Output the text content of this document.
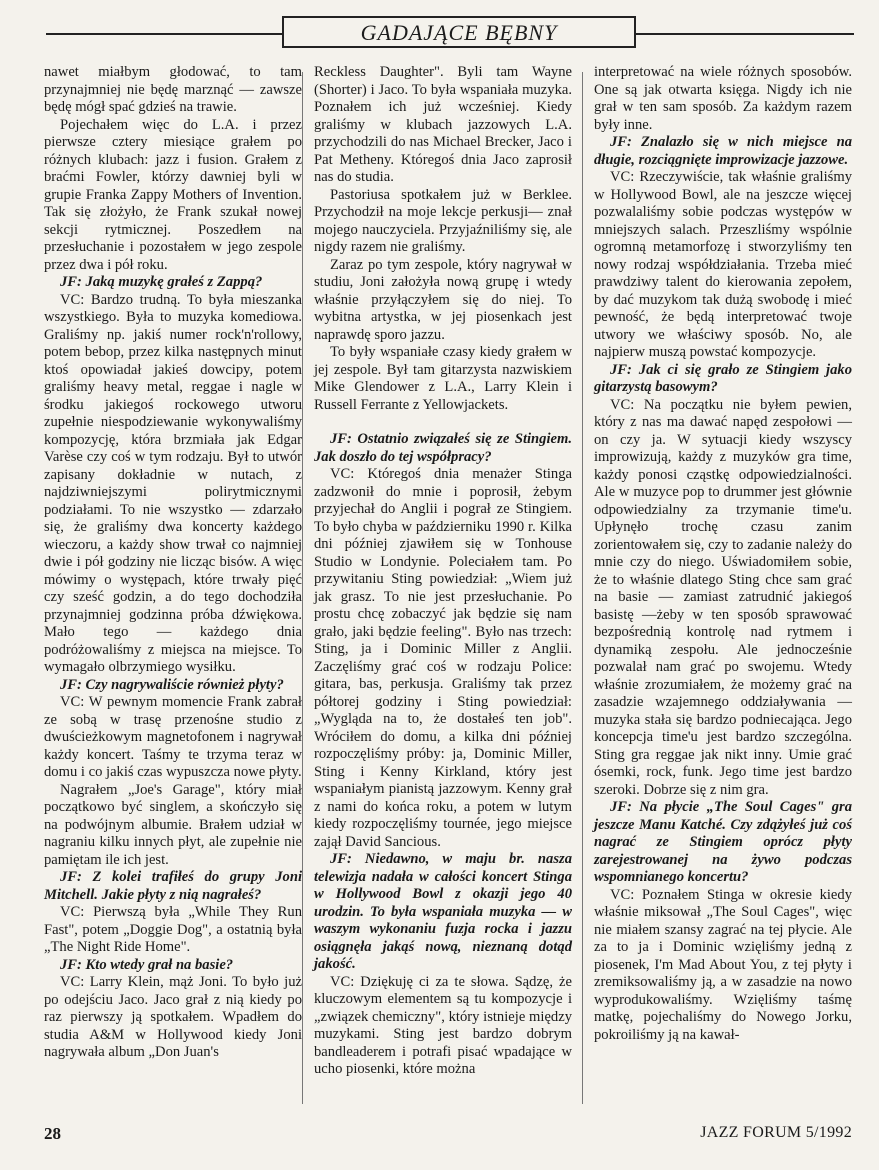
GADAJĄCE BĘBNY

nawet miałbym głodować, to tam przynajmniej nie będę marznąć — zawsze będę mógł spać gdzieś na trawie.

Pojechałem więc do L.A. i przez pierwsze cztery miesiące grałem po różnych klubach: jazz i fusion. Grałem z braćmi Fowler, którzy dawniej byli w grupie Franka Zappy Mothers of Invention. Tak się złożyło, że Frank szukał nowej sekcji rytmicznej. Poszedłem na przesłuchanie i pozostałem w jego zespole przez dwa i pół roku.

JF: Jaką muzykę grałeś z Zappą?

VC: Bardzo trudną. To była mieszanka wszystkiego. Była to muzyka komediowa. Graliśmy np. jakiś numer rock'n'rollowy, potem bebop, przez kilka następnych minut ktoś opowiadał jakieś dowcipy, potem graliśmy heavy metal, reggae i nagle w środku jakiegoś rockowego utworu zupełnie niespodziewanie wykonywaliśmy kompozycję, która brzmiała jak Edgar Varèse czy coś w tym rodzaju. Był to utwór zapisany dokładnie w nutach, z najdziwniejszymi polirytmicznymi podziałami. To nie wszystko — zdarzało się, że graliśmy dwa koncerty każdego wieczoru, a każdy show trwał co najmniej dwie i pół godziny nie licząc bisów. A więc mówimy o występach, które trwały pięć czy sześć godzin, a do tego dochodziła przynajmniej godzinna próba dźwiękowa. Mało tego — każdego dnia podróżowaliśmy z miejsca na miejsce. To wymagało olbrzymiego wysiłku.

JF: Czy nagrywaliście również płyty?

VC: W pewnym momencie Frank zabrał ze sobą w trasę przenośne studio z dwuścieżkowym magnetofonem i nagrywał każdy koncert. Taśmy te trzyma teraz w domu i co jakiś czas wypuszcza nowe płyty.

Nagrałem „Joe's Garage", który miał początkowo być singlem, a skończyło się na podwójnym albumie. Brałem udział w nagraniu kilku innych płyt, ale zupełnie nie pamiętam ile ich jest.

JF: Z kolei trafiłeś do grupy Joni Mitchell. Jakie płyty z nią nagrałeś?

VC: Pierwszą była „While They Run Fast", potem „Doggie Dog", a ostatnią była „The Night Ride Home".

JF: Kto wtedy grał na basie?

VC: Larry Klein, mąż Joni. To było już po odejściu Jaco. Jaco grał z nią kiedy po raz pierwszy ją spotkałem. Wpadłem do studia A&M w Hollywood kiedy Joni nagrywała album „Don Juan's

Reckless Daughter". Byli tam Wayne (Shorter) i Jaco. To była wspaniała muzyka. Poznałem ich już wcześniej. Kiedy graliśmy w klubach jazzowych L.A. przychodzili do nas Michael Brecker, Jaco i Pat Metheny. Któregoś dnia Jaco zaprosił nas do studia.

Pastoriusa spotkałem już w Berklee. Przychodził na moje lekcje perkusji— znał mojego nauczyciela. Przyjaźniliśmy się, ale nigdy razem nie graliśmy.

Zaraz po tym zespole, który nagrywał w studiu, Joni założyła nową grupę i wtedy właśnie przyłączyłem się do niej. To wybitna artystka, w jej piosenkach jest naprawdę sporo jazzu.

To były wspaniałe czasy kiedy grałem w jej zespole. Był tam gitarzysta nazwiskiem Mike Glendower z L.A., Larry Klein i Russell Ferrante z Yellowjackets.

JF: Ostatnio związałeś się ze Stingiem. Jak doszło do tej współpracy?

VC: Któregoś dnia menażer Stinga zadzwonił do mnie i poprosił, żebym przyjechał do Anglii i pograł ze Stingiem. To było chyba w październiku 1990 r. Kilka dni później zjawiłem się w Tonhouse Studio w Londynie. Poleciałem tam. Po przywitaniu Sting powiedział: „Wiem już jak grasz. To nie jest przesłuchanie. Po prostu chcę zobaczyć jak będzie się nam grało, jaki będzie feeling". Było nas trzech: Sting, ja i Dominic Miller z Anglii. Zaczęliśmy grać coś w rodzaju Police: gitara, bas, perkusja. Graliśmy tak przez półtorej godziny i Sting powiedział: „Wygląda na to, że dostałeś ten job". Wróciłem do domu, a kilka dni później rozpoczęliśmy próby: ja, Dominic Miller, Sting i Kenny Kirkland, który jest wspaniałym pianistą jazzowym. Kenny grał z nami do końca roku, a potem w lutym kiedy rozpoczęliśmy tournée, jego miejsce zajął David Sancious.

JF: Niedawno, w maju br. nasza telewizja nadała w całości koncert Stinga w Hollywood Bowl z okazji jego 40 urodzin. To była wspaniała muzyka — w waszym wykonaniu fuzja rocka i jazzu osiągnęła jakąś nową, nieznaną dotąd jakość.

VC: Dziękuję ci za te słowa. Sądzę, że kluczowym elementem są tu kompozycje i „związek chemiczny", który istnieje między muzykami. Sting jest bardzo dobrym bandleaderem i potrafi pisać wpadające w ucho piosenki, które można

interpretować na wiele różnych sposobów. One są jak otwarta księga. Nigdy ich nie grał w ten sam sposób. Za każdym razem były inne.

JF: Znalazło się w nich miejsce na długie, rozciągnięte improwizacje jazzowe.

VC: Rzeczywiście, tak właśnie graliśmy w Hollywood Bowl, ale na jeszcze więcej pozwalaliśmy sobie podczas występów w mniejszych salach. Przeszliśmy wspólnie ogromną metamorfozę i stworzyliśmy ten nowy rodzaj współdziałania. Trzeba mieć prawdziwy talent do kierowania zepołem, by dać muzykom tak dużą swobodę i mieć pewność, że będą interpretować twoje utwory we właściwy sposób. No, ale najpierw muszą powstać kompozycje.

JF: Jak ci się grało ze Stingiem jako gitarzystą basowym?

VC: Na początku nie byłem pewien, który z nas ma dawać napęd zespołowi — on czy ja. W sytuacji kiedy wszyscy improwizują, każdy z muzyków gra time, każdy ponosi cząstkę odpowiedzialności. Ale w muzyce pop to drummer jest głównie odpowiedzialny za trzymanie time'u. Upłynęło trochę czasu zanim zorientowałem się, czy to zadanie należy do mnie czy do niego. Uświadomiłem sobie, że to właśnie dlatego Sting chce sam grać na basie — zamiast zatrudnić jakiegoś basistę —żeby w ten sposób sprawować bezpośrednią kontrolę nad rytmem i dynamiką zespołu. Ale jednocześnie pozwalał nam grać po swojemu. Wtedy właśnie zrozumiałem, że możemy grać na zasadzie wzajemnego oddziaływania — muzyka stała się bardzo podniecająca. Jego koncepcja time'u jest bardzo szczególna. Sting gra reggae jak nikt inny. Umie grać ósemki, rock, funk. Jego time jest bardzo szeroki. Dobrze się z nim gra.

JF: Na płycie „The Soul Cages" gra jeszcze Manu Katché. Czy zdążyłeś już coś nagrać ze Stingiem oprócz płyty zarejestrowanej na żywo podczas wspomnianego koncertu?

VC: Poznałem Stinga w okresie kiedy właśnie miksował „The Soul Cages", więc nie miałem szansy zagrać na tej płycie. Ale za to ja i Dominic wzięliśmy jedną z piosenek, I'm Mad About You, z tej płyty i zremiksowaliśmy ją, a w zasadzie na nowo wyprodukowaliśmy. Wzięliśmy taśmę matkę, pojechaliśmy do Nowego Jorku, pokroiliśmy ją na kawał-

28	JAZZ FORUM 5/1992
